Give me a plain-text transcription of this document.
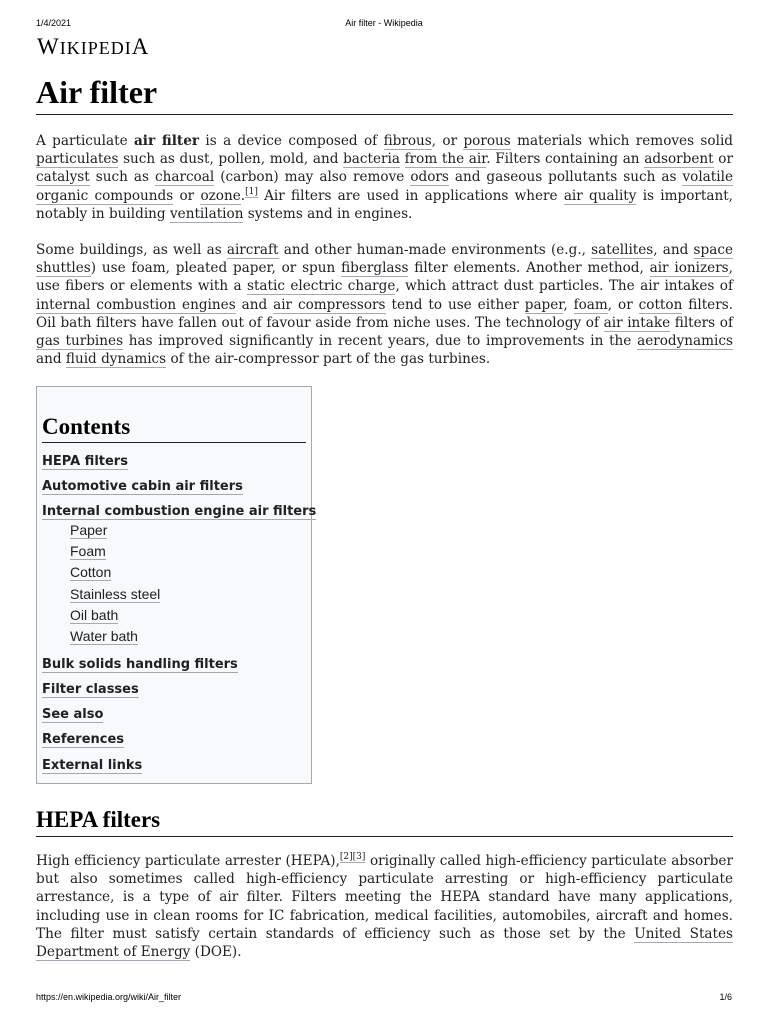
1/4/2021	Air filter - Wikipedia
WIKIPEDIA
Air filter

A particulate air filter is a device composed of fibrous, or porous materials which removes solid particulates such as dust, pollen, mold, and bacteria from the air. Filters containing an adsorbent or catalyst such as charcoal (carbon) may also remove odors and gaseous pollutants such as volatile organic compounds or ozone.[1] Air filters are used in applications where air quality is important, notably in building ventilation systems and in engines.

Some buildings, as well as aircraft and other human-made environments (e.g., satellites, and space shuttles) use foam, pleated paper, or spun fiberglass filter elements. Another method, air ionizers, use fibers or elements with a static electric charge, which attract dust particles. The air intakes of internal combustion engines and air compressors tend to use either paper, foam, or cotton filters. Oil bath filters have fallen out of favour aside from niche uses. The technology of air intake filters of gas turbines has improved significantly in recent years, due to improvements in the aerodynamics and fluid dynamics of the air-compressor part of the gas turbines.

Contents
HEPA filters
Automotive cabin air filters
Internal combustion engine air filters
Paper
Foam
Cotton
Stainless steel
Oil bath
Water bath
Bulk solids handling filters
Filter classes
See also
References
External links
HEPA filters

High efficiency particulate arrester (HEPA),[2][3] originally called high-efficiency particulate absorber but also sometimes called high-efficiency particulate arresting or high-efficiency particulate arrestance, is a type of air filter. Filters meeting the HEPA standard have many applications, including use in clean rooms for IC fabrication, medical facilities, automobiles, aircraft and homes. The filter must satisfy certain standards of efficiency such as those set by the United States Department of Energy (DOE).

https://en.wikipedia.org/wiki/Air_filter	1/6
